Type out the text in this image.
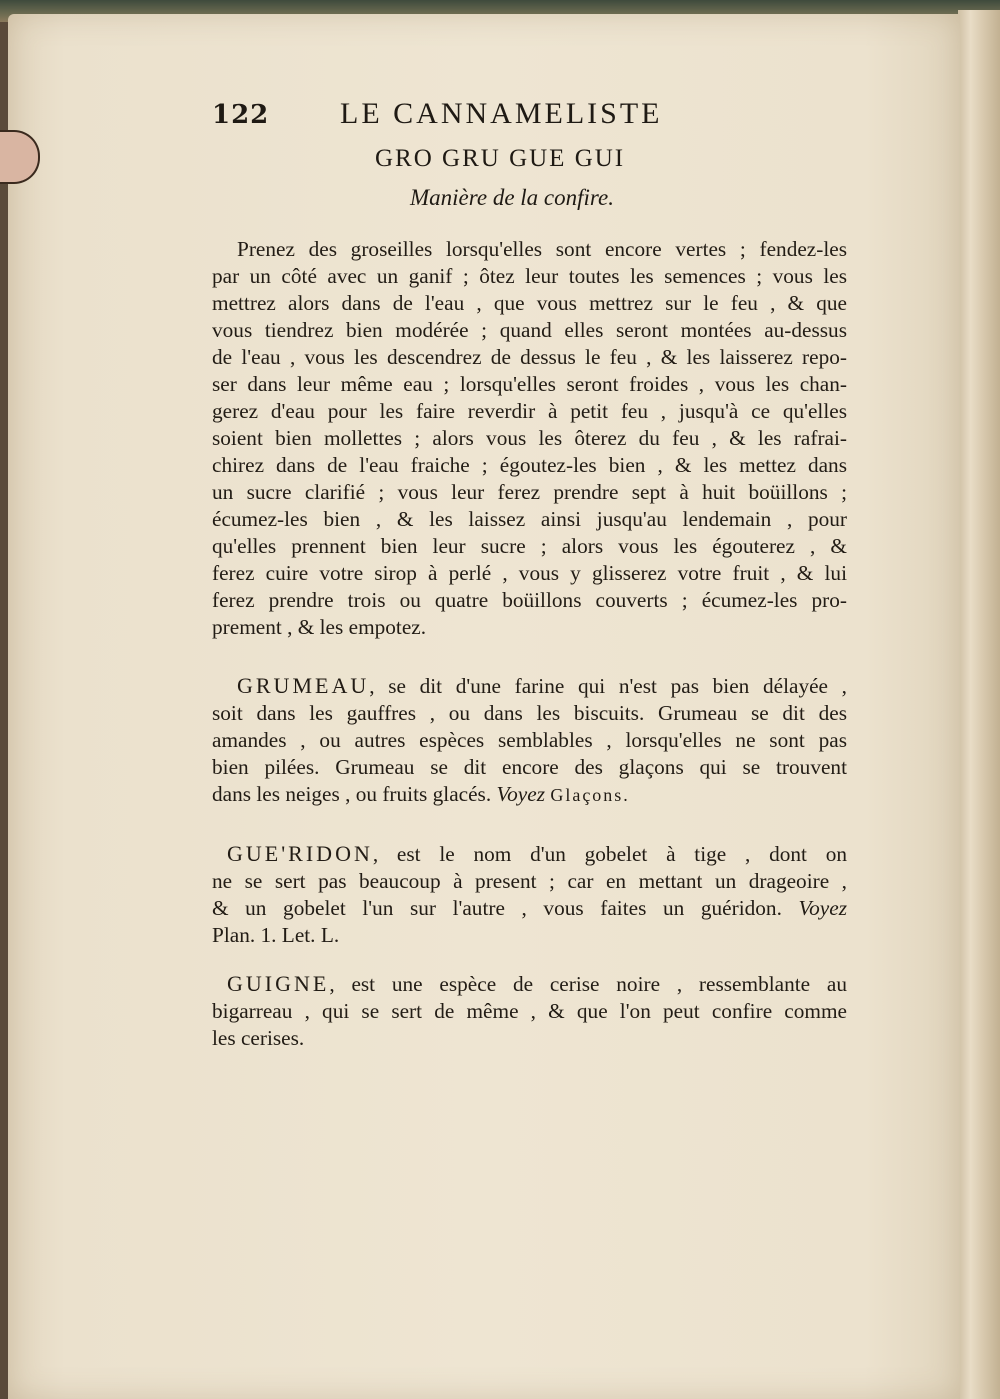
122 LE CANNAMELISTE
GRO GRU GUE GUI
Manière de la confire.
Prenez des groseilles lorsqu'elles sont encore vertes ; fendez-les
par un côté avec un ganif ; ôtez leur toutes les semences ; vous les
mettrez alors dans de l'eau , que vous mettrez sur le feu , & que
vous tiendrez bien modérée ; quand elles seront montées au-dessus
de l'eau , vous les descendrez de dessus le feu , & les laisserez repo-
ser dans leur même eau ; lorsqu'elles seront froides , vous les chan-
gerez d'eau pour les faire reverdir à petit feu , jusqu'à ce qu'elles
soient bien mollettes ; alors vous les ôterez du feu , & les rafrai-
chirez dans de l'eau fraiche ; égoutez-les bien , & les mettez dans
un sucre clarifié ; vous leur ferez prendre sept à huit boüillons ;
écumez-les bien , & les laissez ainsi jusqu'au lendemain , pour
qu'elles prennent bien leur sucre ; alors vous les égouterez , &
ferez cuire votre sirop à perlé , vous y glisserez votre fruit , & lui
ferez prendre trois ou quatre boüillons couverts ; écumez-les pro-
prement , & les empotez.
GRUMEAU, se dit d'une farine qui n'est pas bien délayée ,
soit dans les gauffres , ou dans les biscuits. Grumeau se dit des
amandes , ou autres espèces semblables , lorsqu'elles ne sont pas
bien pilées. Grumeau se dit encore des glaçons qui se trouvent
dans les neiges , ou fruits glacés. Voyez Glaçons.
GUE'RIDON, est le nom d'un gobelet à tige , dont on
ne se sert pas beaucoup à present ; car en mettant un drageoire ,
& un gobelet l'un sur l'autre , vous faites un guéridon. Voyez
Plan. 1. Let. L.
GUIGNE, est une espèce de cerise noire , ressemblante au
bigarreau , qui se sert de même , & que l'on peut confire comme
les cerises.
